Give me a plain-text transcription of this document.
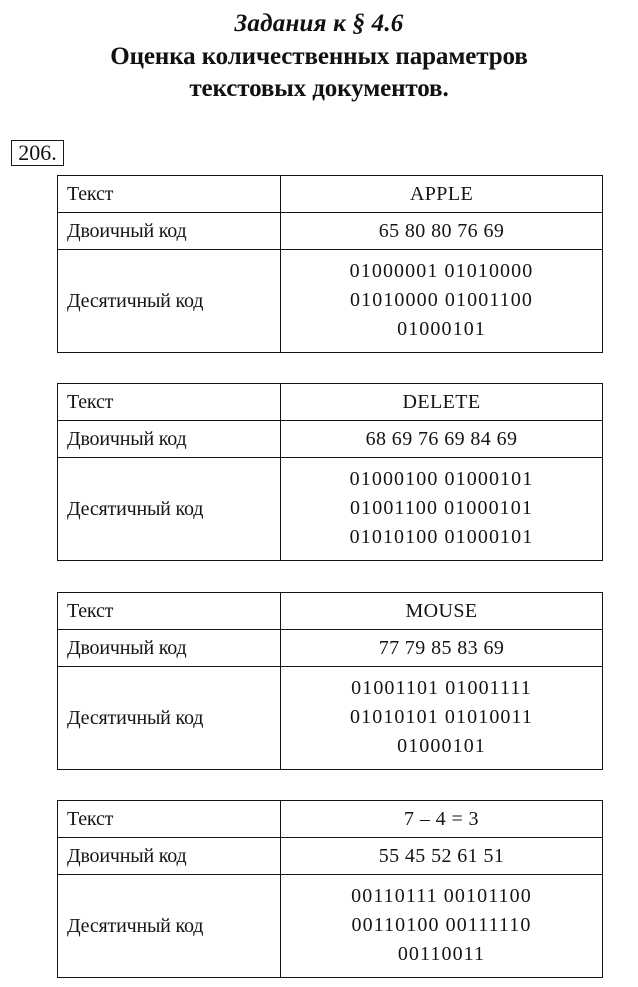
Задания к § 4.6
Оценка количественных параметров
текстовых документов.
206.
Текст	APPLE
Двоичный код	65 80 80 76 69
Десятичный код	01000001 01010000
01010000 01001100
01000101
Текст	DELETE
Двоичный код	68 69 76 69 84 69
Десятичный код	01000100 01000101
01001100 01000101
01010100 01000101
Текст	MOUSE
Двоичный код	77 79 85 83 69
Десятичный код	01001101 01001111
01010101 01010011
01000101
Текст	7 – 4 = 3
Двоичный код	55 45 52 61 51
Десятичный код	00110111 00101100
00110100 00111110
00110011
